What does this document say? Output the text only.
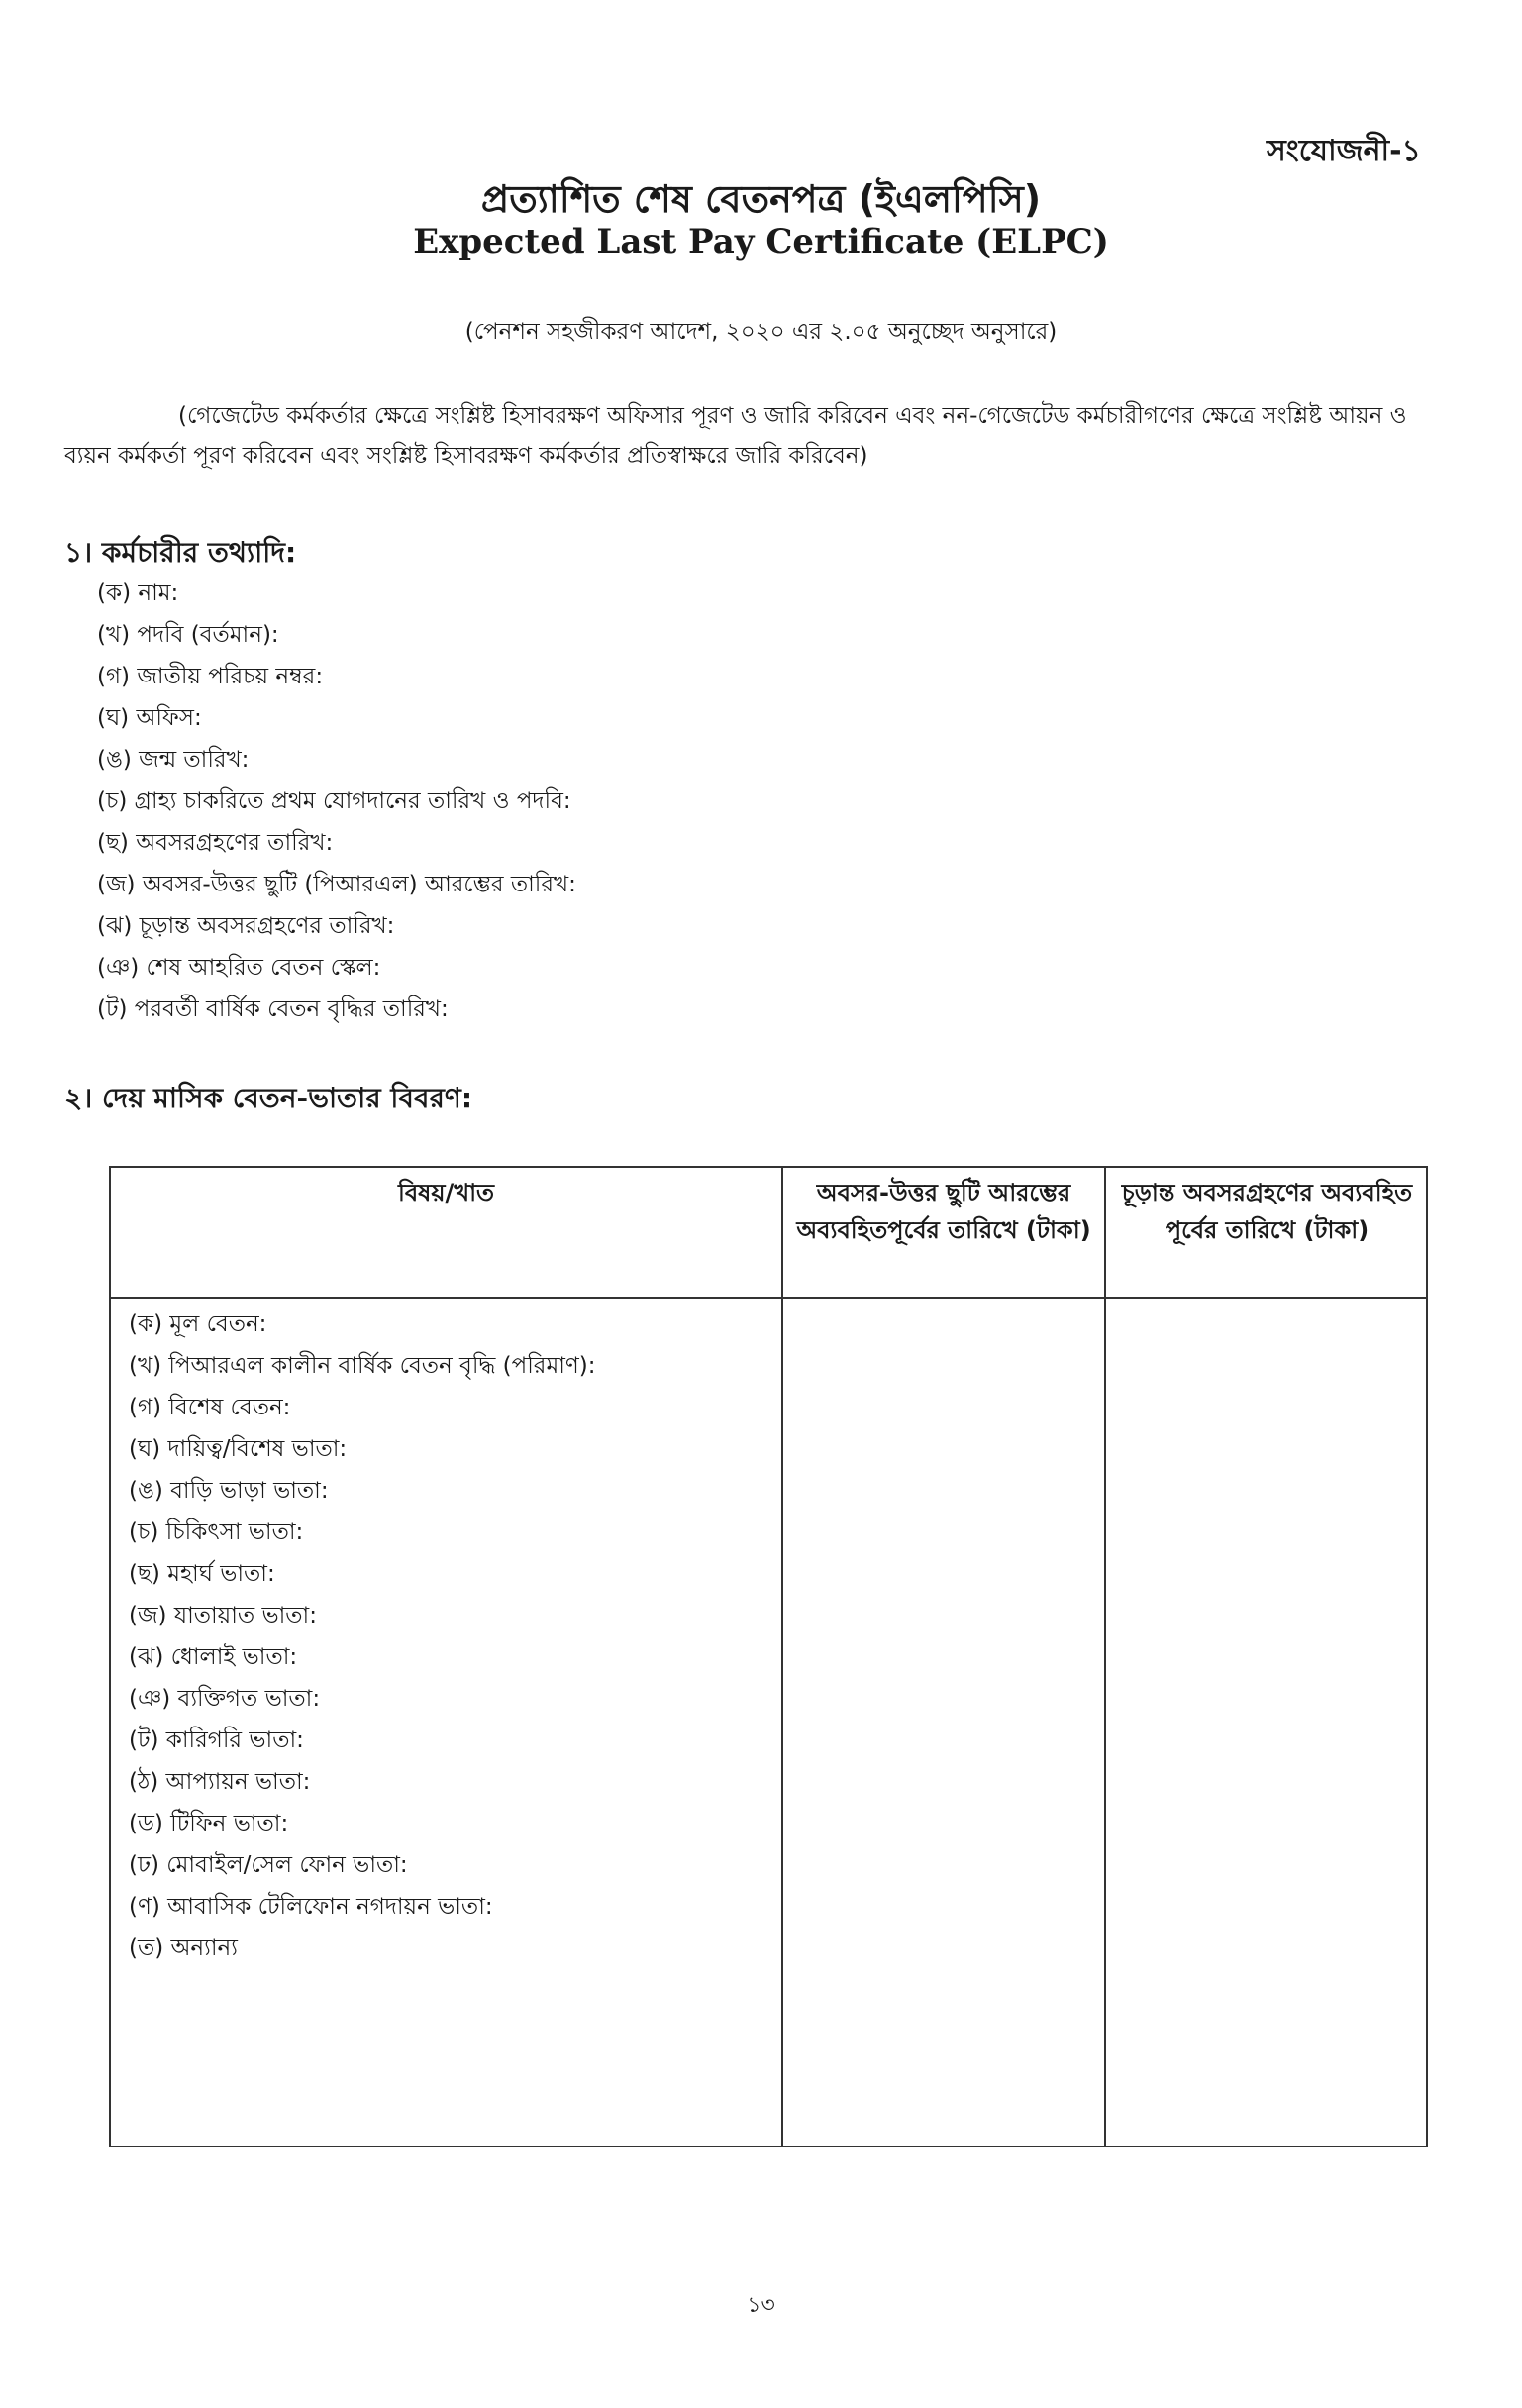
সংযোজনী-১
প্রত্যাশিত শেষ বেতনপত্র (ইএলপিসি)
Expected Last Pay Certificate (ELPC)
(পেনশন সহজীকরণ আদেশ, ২০২০ এর ২.০৫ অনুচ্ছেদ অনুসারে)
(গেজেটেড কর্মকর্তার ক্ষেত্রে সংশ্লিষ্ট হিসাবরক্ষণ অফিসার পূরণ ও জারি করিবেন এবং নন-গেজেটেড কর্মচারীগণের ক্ষেত্রে সংশ্লিষ্ট আয়ন ও ব্যয়ন কর্মকর্তা পূরণ করিবেন এবং সংশ্লিষ্ট হিসাবরক্ষণ কর্মকর্তার প্রতিস্বাক্ষরে জারি করিবেন)
১। কর্মচারীর তথ্যাদি:
(ক) নাম:
(খ) পদবি (বর্তমান):
(গ) জাতীয় পরিচয় নম্বর:
(ঘ) অফিস:
(ঙ) জন্ম তারিখ:
(চ) গ্রাহ্য চাকরিতে প্রথম যোগদানের তারিখ ও পদবি:
(ছ) অবসরগ্রহণের তারিখ:
(জ) অবসর-উত্তর ছুটি (পিআরএল) আরম্ভের তারিখ:
(ঝ) চূড়ান্ত অবসরগ্রহণের তারিখ:
(ঞ) শেষ আহরিত বেতন স্কেল:
(ট) পরবর্তী বার্ষিক বেতন বৃদ্ধির তারিখ:
২। দেয় মাসিক বেতন-ভাতার বিবরণ:
বিষয়/খাত	অবসর-উত্তর ছুটি আরম্ভের অব্যবহিতপূর্বের তারিখে (টাকা)
চূড়ান্ত অবসরগ্রহণের অব্যবহিত পূর্বের তারিখে (টাকা)
(ক) মূল বেতন:
(খ) পিআরএল কালীন বার্ষিক বেতন বৃদ্ধি (পরিমাণ):
(গ) বিশেষ বেতন:
(ঘ) দায়িত্ব/বিশেষ ভাতা:
(ঙ) বাড়ি ভাড়া ভাতা:
(চ) চিকিৎসা ভাতা:
(ছ) মহার্ঘ ভাতা:
(জ) যাতায়াত ভাতা:
(ঝ) ধোলাই ভাতা:
(ঞ) ব্যক্তিগত ভাতা:
(ট) কারিগরি ভাতা:
(ঠ) আপ্যায়ন ভাতা:
(ড) টিফিন ভাতা:
(ঢ) মোবাইল/সেল ফোন ভাতা:
(ণ) আবাসিক টেলিফোন নগদায়ন ভাতা:
(ত) অন্যান্য
১৩
